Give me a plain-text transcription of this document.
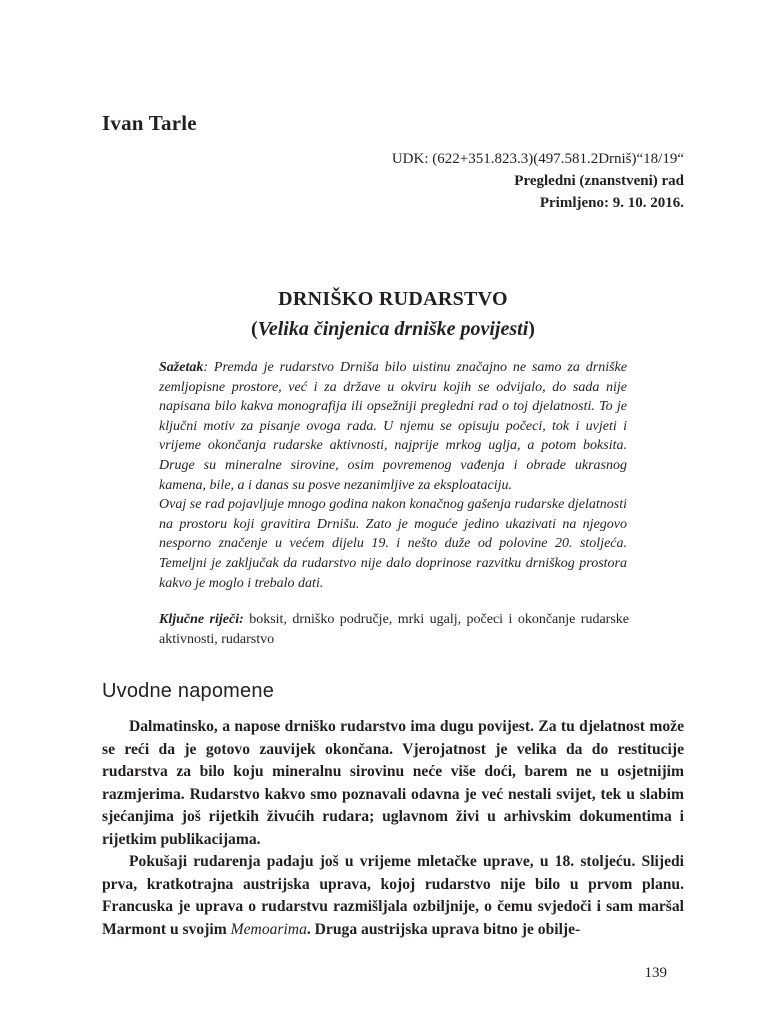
Ivan Tarle
UDK: (622+351.823.3)(497.581.2Drniš)“18/19“
Pregledni (znanstveni) rad
Primljeno: 9. 10. 2016.
DRNIŠKO RUDARSTVO
(Velika činjenica drniške povijesti)

Sažetak: Premda je rudarstvo Drniša bilo uistinu značajno ne samo za drniške zemljopisne prostore, već i za države u okviru kojih se odvijalo, do sada nije napisana bilo kakva monografija ili opsežniji pregledni rad o toj djelatnosti. To je ključni motiv za pisanje ovoga rada. U njemu se opisuju počeci, tok i uvjeti i vrijeme okončanja rudarske aktivnosti, najprije mrkog uglja, a potom boksita. Druge su mineralne sirovine, osim povremenog vađenja i obrade ukrasnog kamena, bile, a i danas su posve nezanimljive za eksploataciju.

Ovaj se rad pojavljuje mnogo godina nakon konačnog gašenja rudarske djelatnosti na prostoru koji gravitira Drnišu. Zato je moguće jedino ukazivati na njegovo nesporno značenje u većem dijelu 19. i nešto duže od polovine 20. stoljeća. Temeljni je zaključak da rudarstvo nije dalo doprinose razvitku drniškog prostora kakvo je moglo i trebalo dati.

Ključne riječi: boksit, drniško područje, mrki ugalj, počeci i okončanje rudarske aktivnosti, rudarstvo
Uvodne napomene

Dalmatinsko, a napose drniško rudarstvo ima dugu povijest. Za tu djelatnost može se reći da je gotovo zauvijek okončana. Vjerojatnost je velika da do restitucije rudarstva za bilo koju mineralnu sirovinu neće više doći, barem ne u osjetnijim razmjerima. Rudarstvo kakvo smo poznavali odavna je već nestali svijet, tek u slabim sjećanjima još rijetkih živućih rudara; uglavnom živi u arhivskim dokumentima i rijetkim publikacijama.

Pokušaji rudarenja padaju još u vrijeme mletačke uprave, u 18. stoljeću. Slijedi prva, kratkotrajna austrijska uprava, kojoj rudarstvo nije bilo u prvom planu. Francuska je uprava o rudarstvu razmišljala ozbiljnije, o čemu svjedoči i sam maršal Marmont u svojim Memoarima. Druga austrijska uprava bitno je obilje-

139
